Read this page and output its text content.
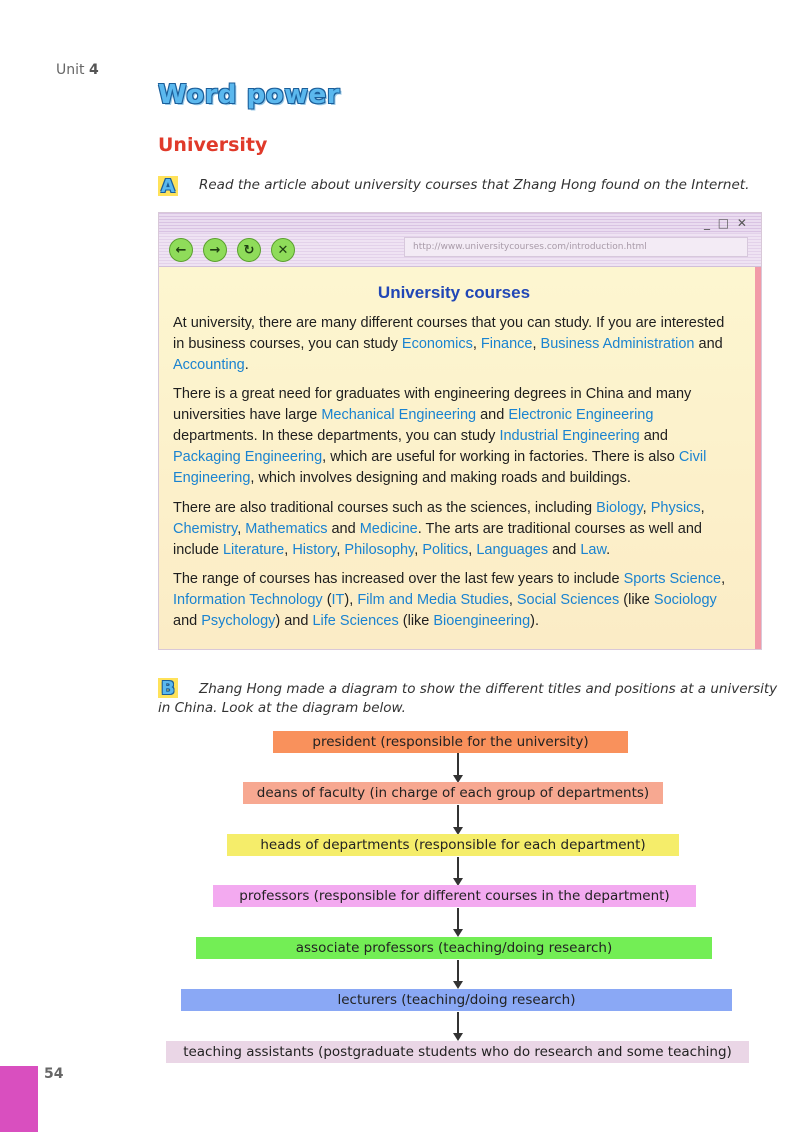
Unit 4
Word power
University
A Read the article about university courses that Zhang Hong found on the Internet.
_ □ ✕
←	→	↻	✕	http://www.universitycourses.com/introduction.html
University courses
At university, there are many different courses that you can study. If you are interested in business courses, you can study Economics, Finance, Business Administration and Accounting.
There is a great need for graduates with engineering degrees in China and many universities have large Mechanical Engineering and Electronic Engineering departments. In these departments, you can study Industrial Engineering and Packaging Engineering, which are useful for working in factories. There is also Civil Engineering, which involves designing and making roads and buildings.
There are also traditional courses such as the sciences, including Biology, Physics, Chemistry, Mathematics and Medicine. The arts are traditional courses as well and include Literature, History, Philosophy, Politics, Languages and Law.
The range of courses has increased over the last few years to include Sports Science, Information Technology (IT), Film and Media Studies, Social Sciences (like Sociology and Psychology) and Life Sciences (like Bioengineering).
B Zhang Hong made a diagram to show the different titles and positions at a university
in China. Look at the diagram below.
president (responsible for the university)
deans of faculty (in charge of each group of departments)
heads of departments (responsible for each department)
professors (responsible for different courses in the department)
associate professors (teaching/doing research)
lecturers (teaching/doing research)
teaching assistants (postgraduate students who do research and some teaching)
54
